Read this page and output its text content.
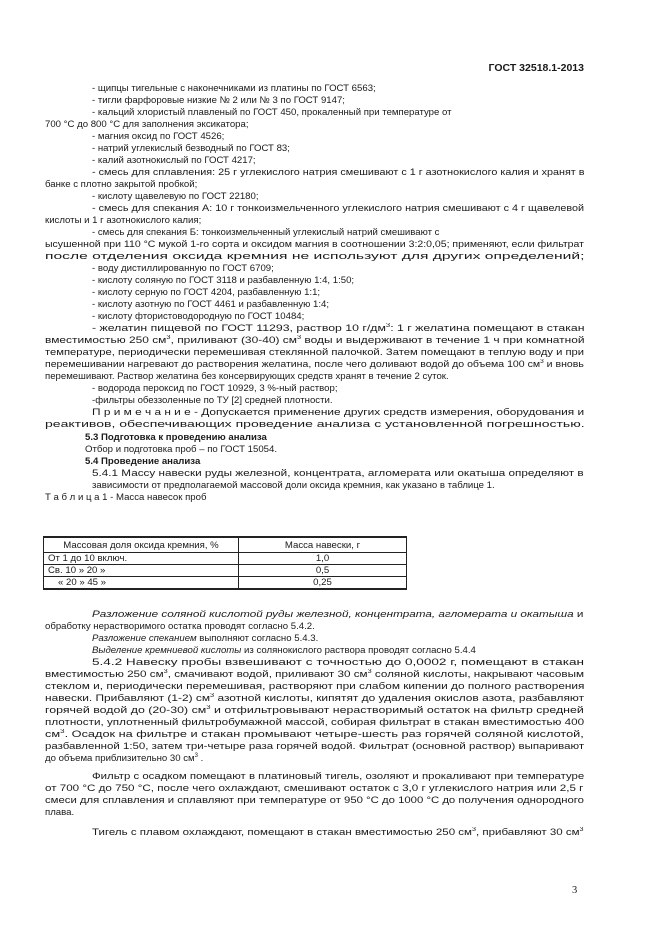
ГОСТ 32518.1-2013
- щипцы тигельные с наконечниками из платины по ГОСТ 6563;
- тигли фарфоровые низкие № 2 или № 3 по ГОСТ 9147;
- кальций хлористый плавленый по ГОСТ 450, прокаленный при температуре от
700 °С до 800 °С для заполнения эксикатора;
- магния оксид по ГОСТ 4526;
- натрий углекислый безводный по ГОСТ 83;
- калий азотнокислый по ГОСТ 4217;
- смесь для сплавления: 25 г углекислого натрия смешивают с 1 г азотнокислого калия и хранят в
банке с плотно закрытой пробкой;
- кислоту щавелевую по ГОСТ 22180;
- смесь для спекания А: 10 г тонкоизмельченного углекислого натрия смешивают с 4 г щавелевой
кислоты и 1 г азотнокислого калия;
- смесь для спекания Б: тонкоизмельченный углекислый натрий смешивают с
ысушенной при 110 °С мукой 1-го сорта и оксидом магния в соотношении 3:2:0,05; применяют, если фильтрат
после отделения оксида кремния не используют для других определений;
- воду дистиллированную по ГОСТ 6709;
- кислоту соляную по ГОСТ 3118 и разбавленную 1:4, 1:50;
- кислоту серную по ГОСТ 4204, разбавленную 1:1;
- кислоту азотную по ГОСТ 4461 и разбавленную 1:4;
- кислоту фтористоводородную по ГОСТ 10484;
- желатин пищевой по ГОСТ 11293, раствор 10 $г/дм^3$: 1 г желатина помещают в стакан
вместимостью 250 $см^3$, приливают (30-40) $см^3$ воды и выдерживают в течение 1 ч при комнатной
температуре, периодически перемешивая стеклянной палочкой. Затем помещают в теплую воду и при
перемешивании нагревают до растворения желатина, после чего доливают водой до объема 100 $см^3$ и вновь
перемешивают. Раствор желатина без консервирующих средств хранят в течение 2 суток.
- водорода пероксид по ГОСТ 10929, 3 %-ный раствор;
-фильтры обеззоленные по ТУ [2] средней плотности.
П р и м е ч а н и е - Допускается применение других средств измерения, оборудования и
реактивов, обеспечивающих проведение анализа с установленной погрешностью.
5.3 Подготовка к проведению анализа
Отбор и подготовка проб – по ГОСТ 15054.
5.4 Проведение анализа
5.4.1 Массу навески руды железной, концентрата, агломерата или окатыша определяют в
зависимости от предполагаемой массовой доли оксида кремния, как указано в таблице 1.
Т а б л и ц а 1 - Масса навесок проб
Разложение соляной кислотой руды железной, концентрата, агломерата и окатыша и
обработку нерастворимого остатка проводят согласно 5.4.2.
Разложение спеканием выполняют согласно 5.4.3.
Выделение кремниевой кислоты из солянокислого раствора проводят согласно 5.4.4
5.4.2 Навеску пробы взвешивают с точностью до 0,0002 г, помещают в стакан
вместимостью 250 $см^3$, смачивают водой, приливают 30 $см^3$ соляной кислоты, накрывают часовым
стеклом и, периодически перемешивая, растворяют при слабом кипении до полного растворения
навески. Прибавляют (1-2) $см^3$ азотной кислоты, кипятят до удаления окислов азота, разбавляют
горячей водой до (20-30) $см^3$ и отфильтровывают нерастворимый остаток на фильтр средней
плотности, уплотненный фильтробумажной массой, собирая фильтрат в стакан вместимостью 400
$см^3$. Осадок на фильтре и стакан промывают четыре-шесть раз горячей соляной кислотой,
разбавленной 1:50, затем три-четыре раза горячей водой. Фильтрат (основной раствор) выпаривают
до объема приблизительно 30 $см^3$ .
Фильтр с осадком помещают в платиновый тигель, озоляют и прокаливают при температуре
от 700 °С до 750 °С, после чего охлаждают, смешивают остаток с 3,0 г углекислого натрия или 2,5 г
смеси для сплавления и сплавляют при температуре от 950 °С до 1000 °С до получения однородного
плава.
Тигель с плавом охлаждают, помещают в стакан вместимостью 250 $см^3$, прибавляют 30 $см^3$
Массовая доля оксида кремния, %	Масса навески, г
От 1 до 10 включ.	1,0
Св. 10 » 20 »	0,5
« 20 » 45 »	0,25
3
